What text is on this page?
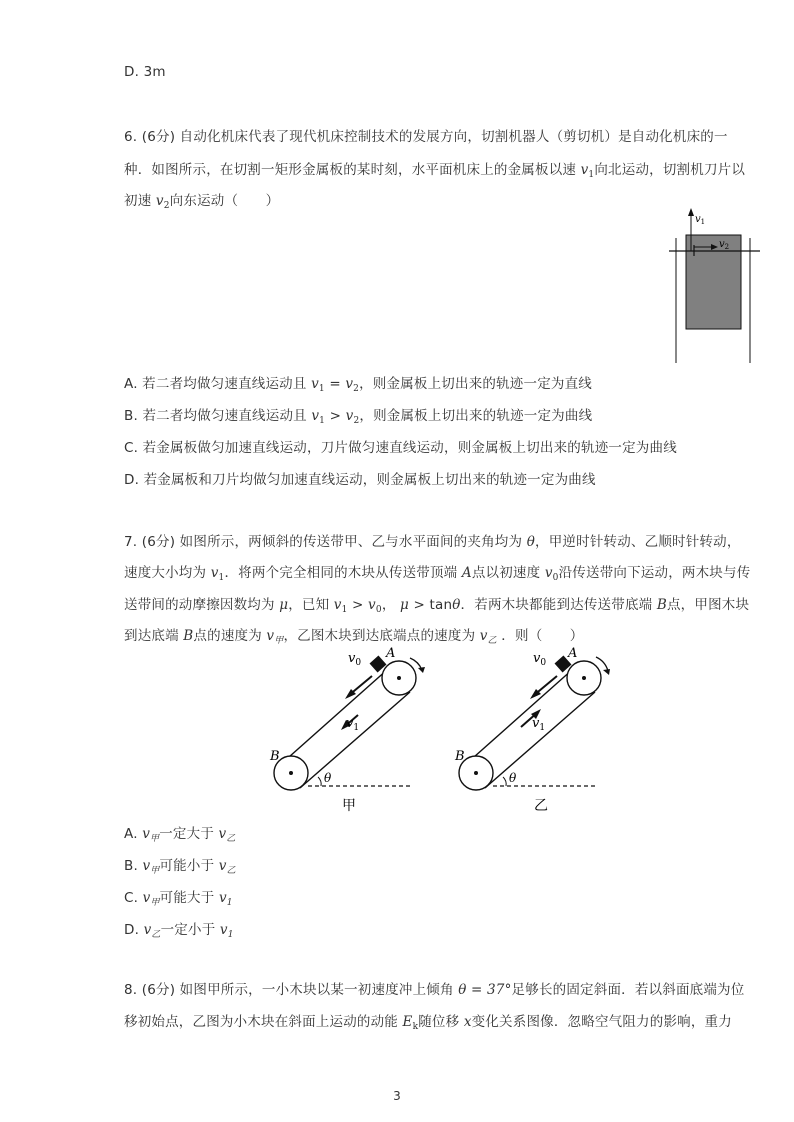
D. 3m
6. (6分) 自动化机床代表了现代机床控制技术的发展方向，切割机器人（剪切机）是自动化机床的一
种．如图所示，在切割一矩形金属板的某时刻，水平面机床上的金属板以速 $v_1$向北运动，切割机刀片以
初速 $v_2$向东运动（　　）
$v_1$
$v_2$
A. 若二者均做匀速直线运动且 $v_1 = v_2$，则金属板上切出来的轨迹一定为直线
B. 若二者均做匀速直线运动且 $v_1 > v_2$，则金属板上切出来的轨迹一定为曲线
C. 若金属板做匀加速直线运动，刀片做匀速直线运动，则金属板上切出来的轨迹一定为曲线
D. 若金属板和刀片均做匀加速直线运动，则金属板上切出来的轨迹一定为曲线
7. (6分) 如图所示，两倾斜的传送带甲、乙与水平面间的夹角均为 θ，甲逆时针转动、乙顺时针转动，
速度大小均为 $v_1$．将两个完全相同的木块从传送带顶端 A点以初速度 $v_0$沿传送带向下运动，两木块与传
送带间的动摩擦因数均为 μ，已知 $v_1 > v_0$， μ > tanθ．若两木块都能到达传送带底端 B点，甲图木块
到达底端 B点的速度为 $v_甲$，乙图木块到达底端点的速度为 $v_乙$ ．则（　　）
θ
$v_0$
A
$v_1$
B
甲
θ
$v_0$
A
$v_1$
B
乙
A. $v_甲$一定大于 $v_乙$
B. $v_甲$可能小于 $v_乙$
C. $v_甲$可能大于 $v_1$
D. $v_乙$一定小于 $v_1$
8. (6分) 如图甲所示，一小木块以某一初速度冲上倾角 θ = 37°足够长的固定斜面．若以斜面底端为位
移初始点，乙图为小木块在斜面上运动的动能 $E_k$随位移 x变化关系图像．忽略空气阻力的影响，重力
3
